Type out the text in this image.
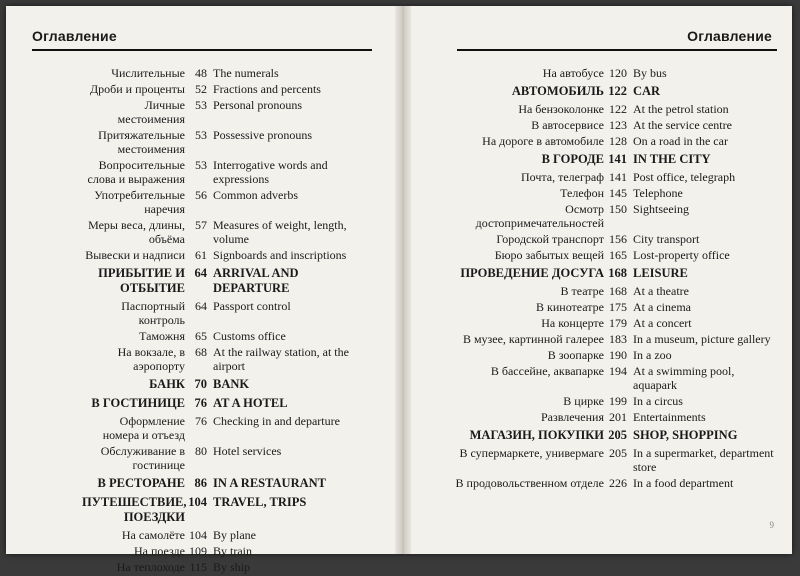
Оглавление
Числительные 48 The numerals
Дроби и проценты 52 Fractions and percents
Личные местоимения
53 Personal pronouns
Притяжательные местоимения
53 Possessive pronouns
Вопросительные слова и выражения
53 Interrogative words and expressions
Употребительные наречия
56 Common adverbs
Меры веса, длины, объёма
57 Measures of weight, length, volume
Вывески и надписи 61 Signboards and inscriptions
ПРИБЫТИЕ И ОТБЫТИЕ
64 ARRIVAL AND DEPARTURE
Паспортный контроль
64 Passport control
Таможня 65 Customs office
На вокзале, в аэропорту
68 At the railway station, at the airport
БАНК 70 BANK
В ГОСТИНИЦЕ 76 AT A HOTEL
Оформление номера и отъезд
76 Checking in and departure
Обслуживание в гостинице
80 Hotel services
В РЕСТОРАНЕ 86 IN A RESTAURANT
ПУТЕШЕСТВИЕ, ПОЕЗДКИ
104 TRAVEL, TRIPS
На самолёте 104 By plane
На поезде 109 By train
На теплоходе 115 By ship
Оглавление
На автобусе 120 By bus
АВТОМОБИЛЬ 122 CAR
На бензоколонке 122 At the petrol station
В автосервисе 123 At the service centre
На дороге в автомобиле 128 On a road in the car
В ГОРОДЕ 141 IN THE CITY
Почта, телеграф 141 Post office, telegraph
Телефон 145 Telephone
Осмотр достопримечательностей
150 Sightseeing
Городской транспорт 156 City transport
Бюро забытых вещей 165 Lost-property office
ПРОВЕДЕНИЕ ДОСУГА 168 LEISURE
В театре 168 At a theatre
В кинотеатре 175 At a cinema
На концерте 179 At a concert
В музее, картинной галерее 183 In a museum, picture gallery
В зоопарке 190 In a zoo
В бассейне, аквапарке 194 At a swimming pool, aquapark
В цирке 199 In a circus
Развлечения 201 Entertainments
МАГАЗИН, ПОКУПКИ 205 SHOP, SHOPPING
В супермаркете, универмаге 205 In a supermarket, department store
В продовольственном отделе 226 In a food department
9
